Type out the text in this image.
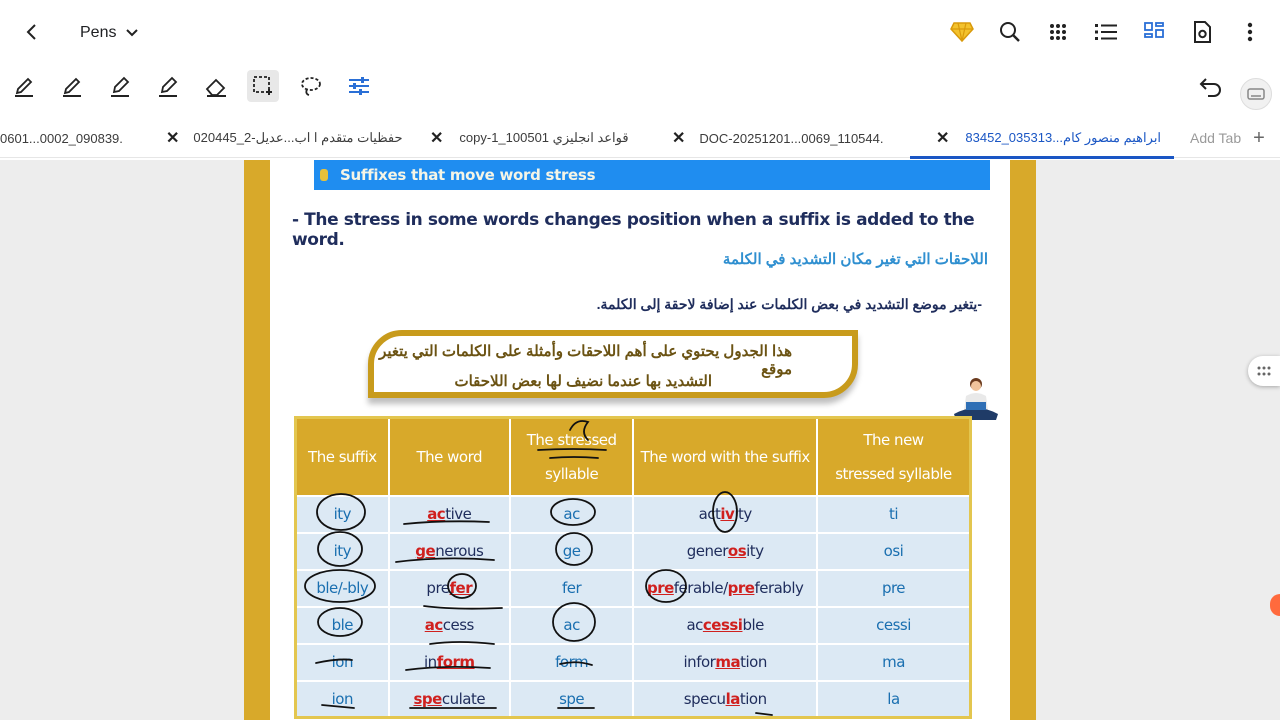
Pens
0601...0002_090839.	✕ حفظيات متقدم ا اب...عديل-2_020445 ✕ copy-1_100501 قواعد انجليزي	✕ DOC-20251201...0069_110544.	✕ ابراهيم منصور كام...035313_83452 Add Tab +
Suffixes that move word stress
- The stress in some words changes position when a suffix is added to the word.
اللاحقات التي تغير مكان التشديد في الكلمة
-يتغير موضع التشديد في بعض الكلمات عند إضافة لاحقة إلى الكلمة.
هذا الجدول يحتوي على أهم اللاحقات وأمثلة على الكلمات التي يتغير موقع
التشديد بها عندما نضيف لها بعض اللاحقات
The suffix	The word	The stressed syllable	The word with the suffix	The new stressed syllable
ity	active	ac	activity	ti
ity	generous	ge	generosity	osi
ble/-bly	prefer	fer	preferable/preferably	pre
ble	access	ac	accessible	cessi
ion	inform	form	information	ma
ion	speculate	spe	speculation	la
